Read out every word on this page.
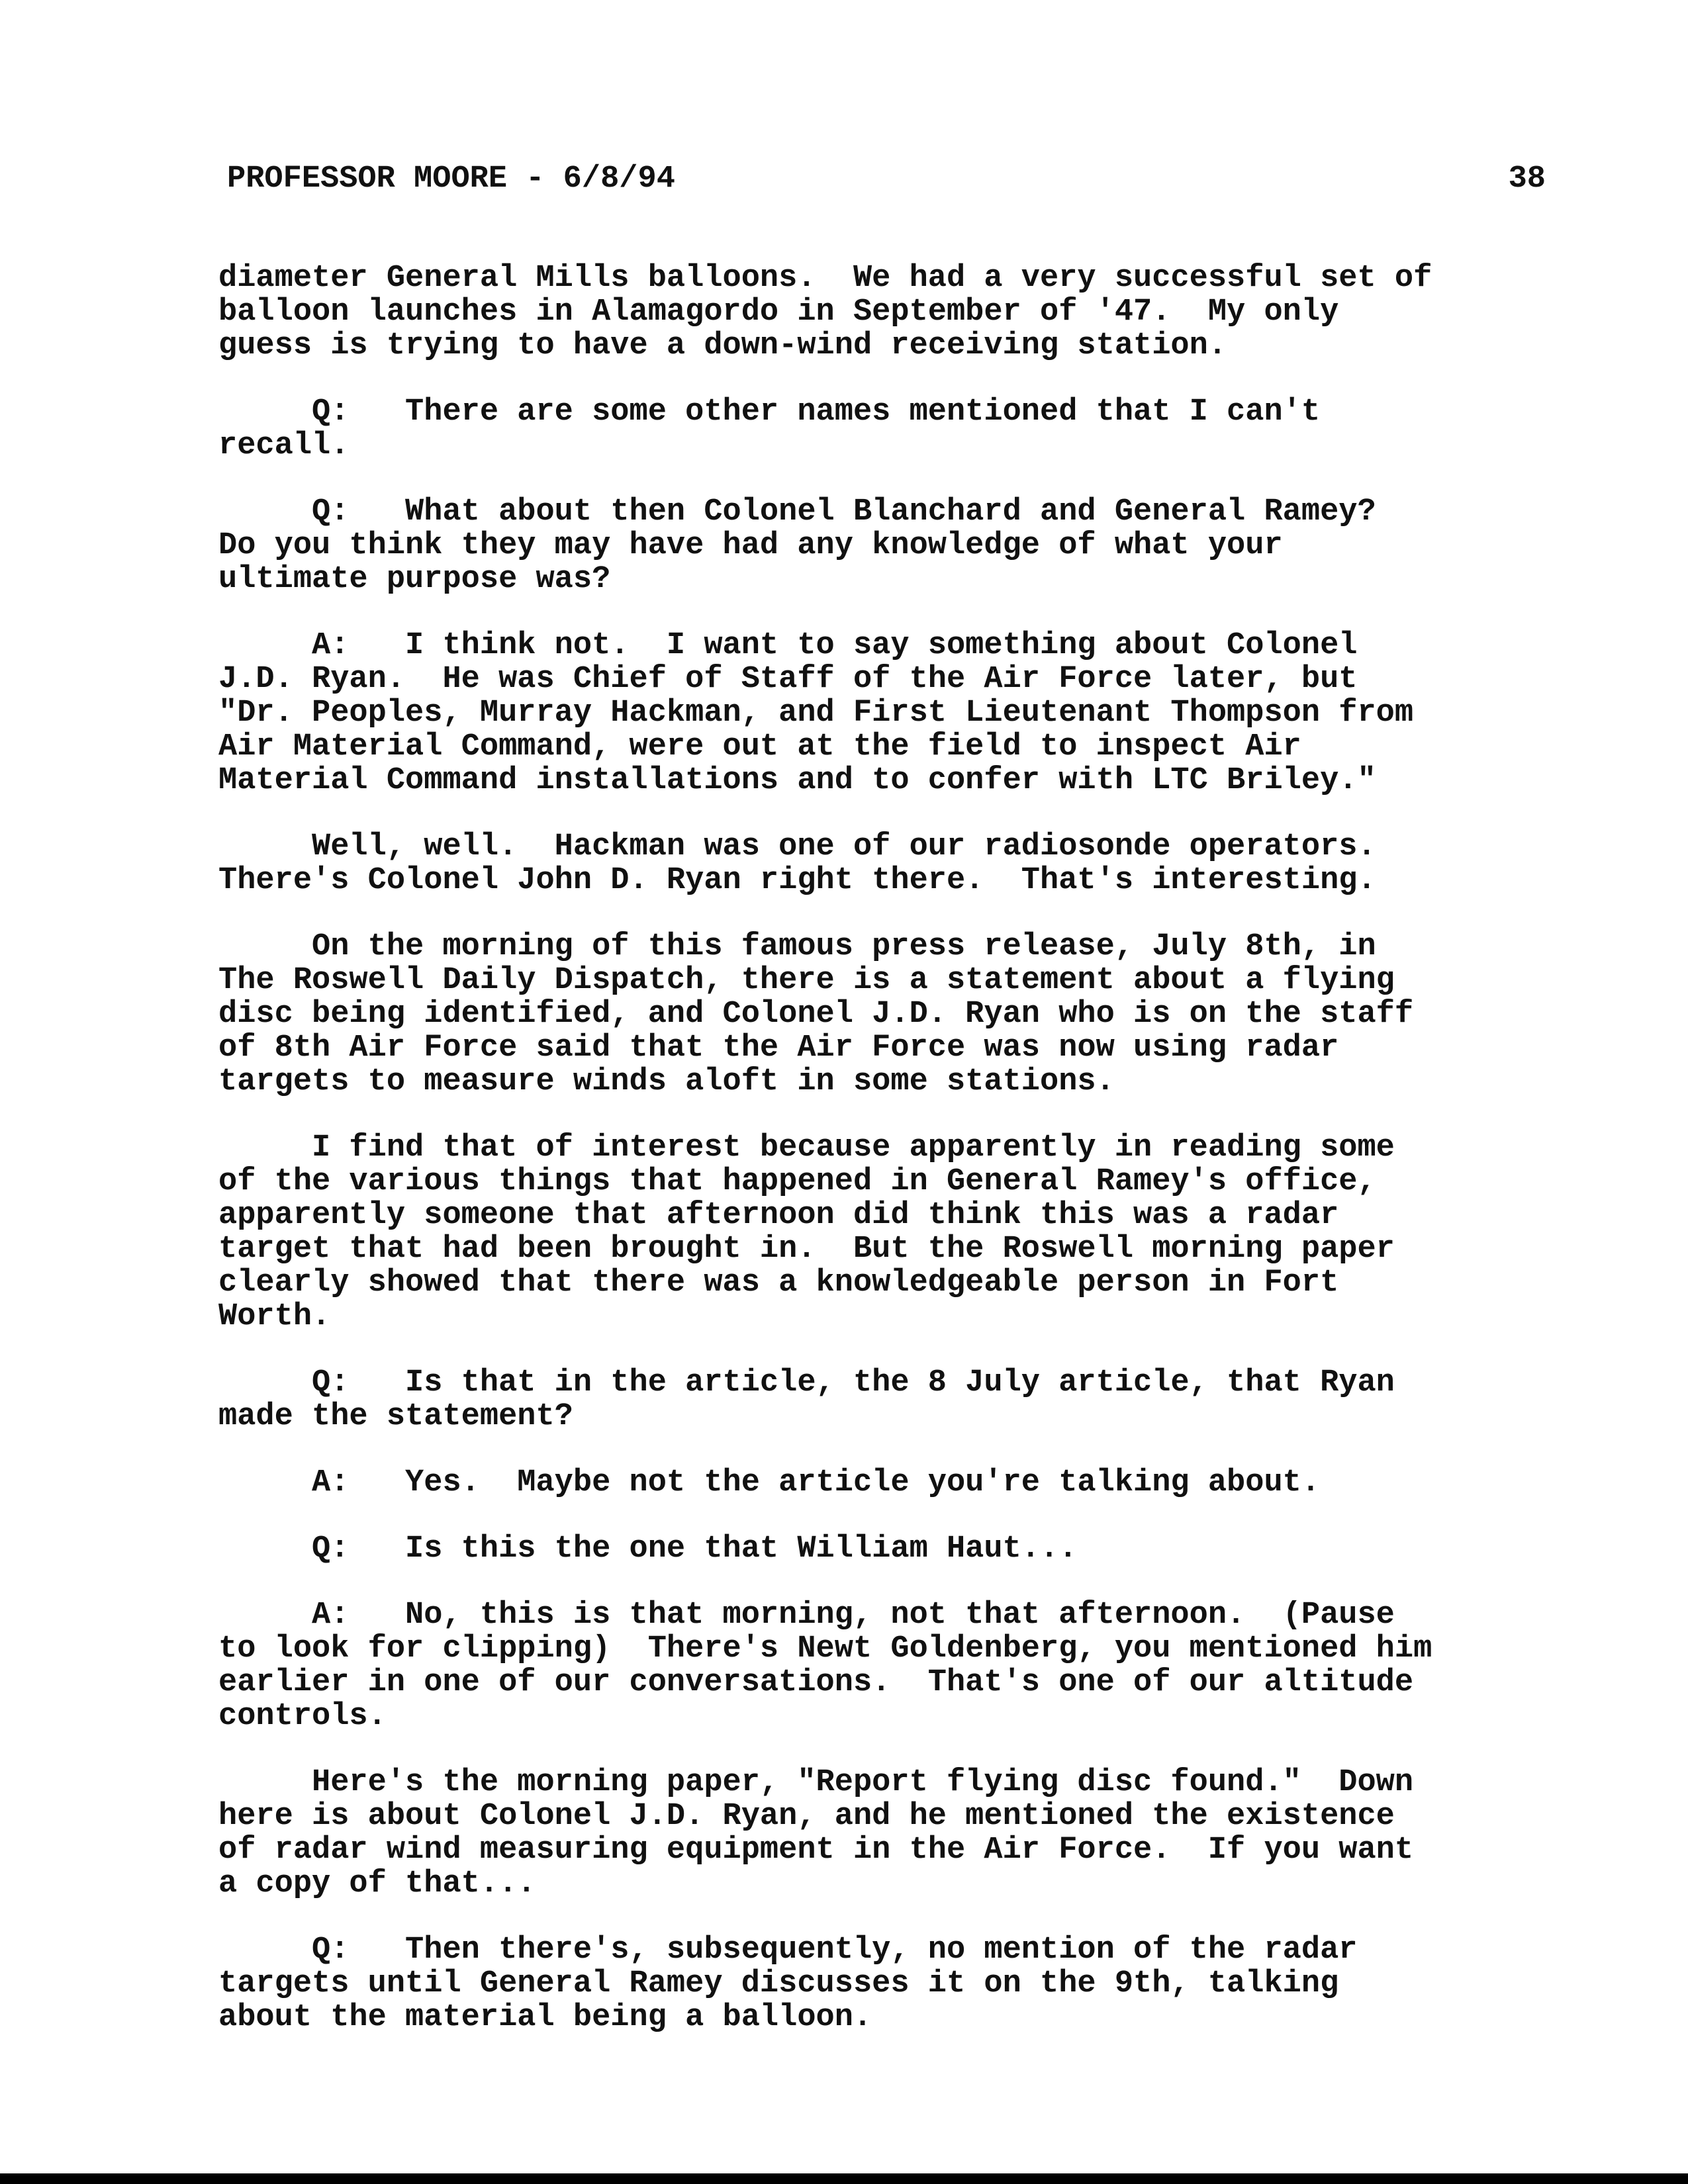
PROFESSOR MOORE - 6/8/94	38

diameter General Mills balloons.  We had a very successful set of
balloon launches in Alamagordo in September of '47.  My only
guess is trying to have a down-wind receiving station.

Q:   There are some other names mentioned that I can't
recall.

Q:   What about then Colonel Blanchard and General Ramey?
Do you think they may have had any knowledge of what your
ultimate purpose was?

A:   I think not.  I want to say something about Colonel
J.D. Ryan.  He was Chief of Staff of the Air Force later, but
"Dr. Peoples, Murray Hackman, and First Lieutenant Thompson from
Air Material Command, were out at the field to inspect Air
Material Command installations and to confer with LTC Briley."

Well, well.  Hackman was one of our radiosonde operators.
There's Colonel John D. Ryan right there.  That's interesting.

On the morning of this famous press release, July 8th, in
The Roswell Daily Dispatch, there is a statement about a flying
disc being identified, and Colonel J.D. Ryan who is on the staff
of 8th Air Force said that the Air Force was now using radar
targets to measure winds aloft in some stations.

I find that of interest because apparently in reading some
of the various things that happened in General Ramey's office,
apparently someone that afternoon did think this was a radar
target that had been brought in.  But the Roswell morning paper
clearly showed that there was a knowledgeable person in Fort
Worth.

Q:   Is that in the article, the 8 July article, that Ryan
made the statement?

A:   Yes.  Maybe not the article you're talking about.

Q:   Is this the one that William Haut...

A:   No, this is that morning, not that afternoon.  (Pause
to look for clipping)  There's Newt Goldenberg, you mentioned him
earlier in one of our conversations.  That's one of our altitude
controls.

Here's the morning paper, "Report flying disc found."  Down
here is about Colonel J.D. Ryan, and he mentioned the existence
of radar wind measuring equipment in the Air Force.  If you want
a copy of that...

Q:   Then there's, subsequently, no mention of the radar
targets until General Ramey discusses it on the 9th, talking
about the material being a balloon.
